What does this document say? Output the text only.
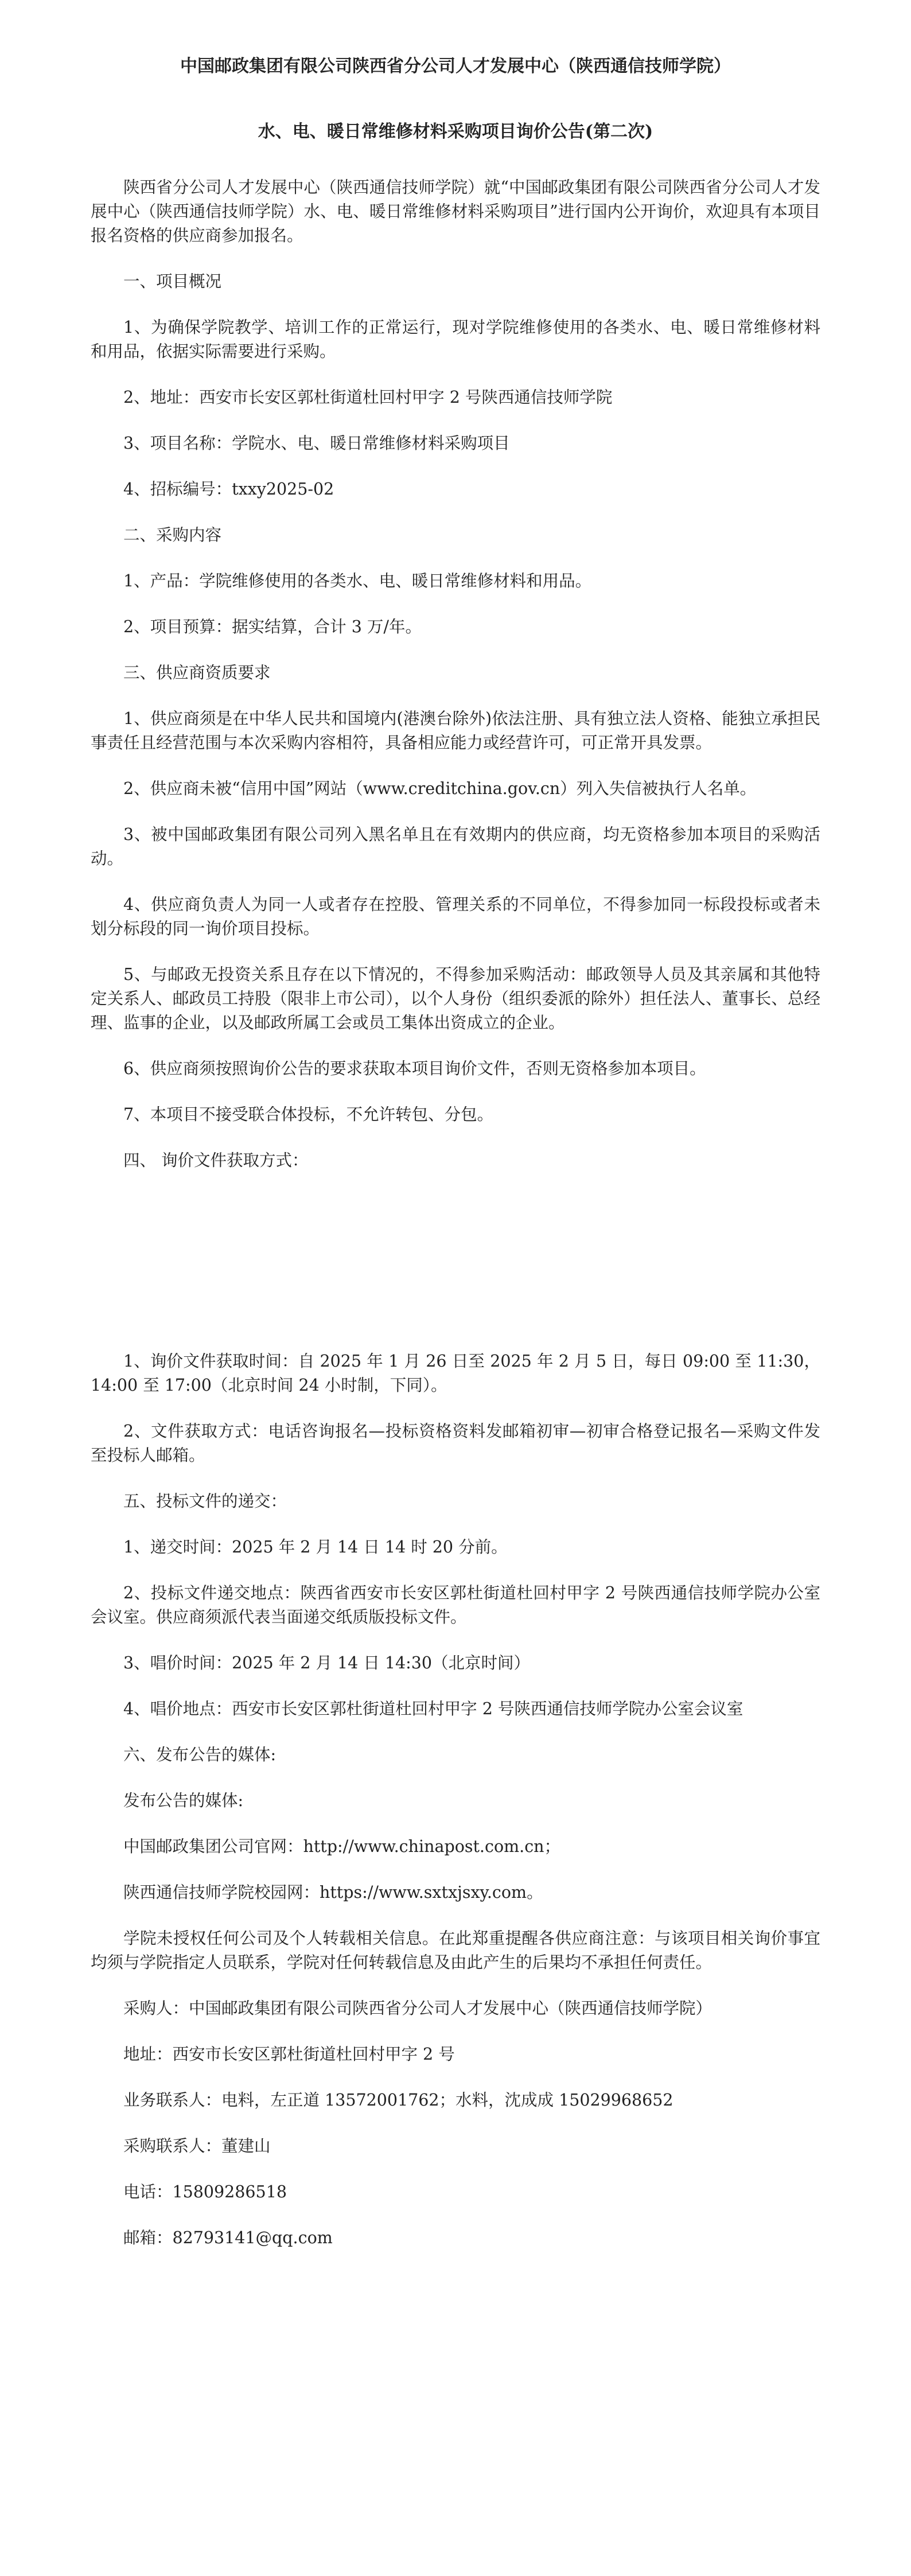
中国邮政集团有限公司陕西省分公司人才发展中心（陕西通信技师学院）
水、电、暖日常维修材料采购项目询价公告(第二次)

陕西省分公司人才发展中心（陕西通信技师学院）就“中国邮政集团有限公司陕西省分公司人才发展中心（陕西通信技师学院）水、电、暖日常维修材料采购项目”进行国内公开询价，欢迎具有本项目报名资格的供应商参加报名。

一、项目概况

1、为确保学院教学、培训工作的正常运行，现对学院维修使用的各类水、电、暖日常维修材料和用品，依据实际需要进行采购。

2、地址：西安市长安区郭杜街道杜回村甲字 2 号陕西通信技师学院

3、项目名称：学院水、电、暖日常维修材料采购项目

4、招标编号：txxy2025-02

二、采购内容

1、产品：学院维修使用的各类水、电、暖日常维修材料和用品。

2、项目预算：据实结算，合计 3 万/年。

三、供应商资质要求

1、供应商须是在中华人民共和国境内(港澳台除外)依法注册、具有独立法人资格、能独立承担民事责任且经营范围与本次采购内容相符，具备相应能力或经营许可，可正常开具发票。

2、供应商未被“信用中国”网站（www.creditchina.gov.cn）列入失信被执行人名单。

3、被中国邮政集团有限公司列入黑名单且在有效期内的供应商，均无资格参加本项目的采购活动。

4、供应商负责人为同一人或者存在控股、管理关系的不同单位，不得参加同一标段投标或者未划分标段的同一询价项目投标。

5、与邮政无投资关系且存在以下情况的，不得参加采购活动：邮政领导人员及其亲属和其他特定关系人、邮政员工持股（限非上市公司），以个人身份（组织委派的除外）担任法人、董事长、总经理、监事的企业，以及邮政所属工会或员工集体出资成立的企业。

6、供应商须按照询价公告的要求获取本项目询价文件，否则无资格参加本项目。

7、本项目不接受联合体投标，不允许转包、分包。

四、 询价文件获取方式：

1、询价文件获取时间：自 2025 年 1 月 26 日至 2025 年 2 月 5 日，每日 09:00 至 11:30，14:00 至 17:00（北京时间 24 小时制，下同）。

2、文件获取方式：电话咨询报名—投标资格资料发邮箱初审—初审合格登记报名—采购文件发至投标人邮箱。

五、投标文件的递交：

1、递交时间：2025 年 2 月 14 日 14 时 20 分前。

2、投标文件递交地点：陕西省西安市长安区郭杜街道杜回村甲字 2 号陕西通信技师学院办公室会议室。供应商须派代表当面递交纸质版投标文件。

3、唱价时间：2025 年 2 月 14 日 14:30（北京时间）

4、唱价地点：西安市长安区郭杜街道杜回村甲字 2 号陕西通信技师学院办公室会议室

六、发布公告的媒体:

发布公告的媒体:

中国邮政集团公司官网：http://www.chinapost.com.cn；

陕西通信技师学院校园网：https://www.sxtxjsxy.com。

学院未授权任何公司及个人转载相关信息。在此郑重提醒各供应商注意：与该项目相关询价事宜均须与学院指定人员联系，学院对任何转载信息及由此产生的后果均不承担任何责任。

采购人：中国邮政集团有限公司陕西省分公司人才发展中心（陕西通信技师学院）

地址：西安市长安区郭杜街道杜回村甲字 2 号

业务联系人：电料，左正道 13572001762；水料，沈成成 15029968652

采购联系人：董建山

电话：15809286518

邮箱：82793141@qq.com
